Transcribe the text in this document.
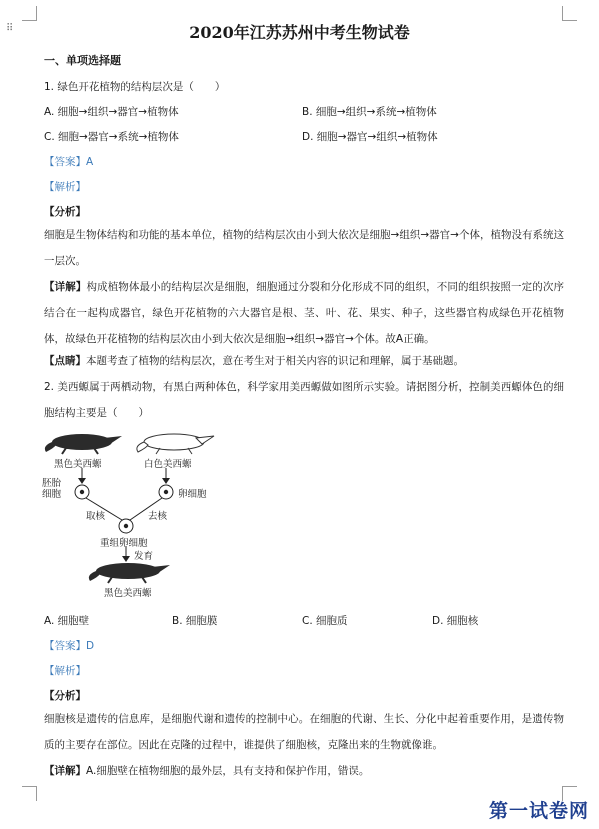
⠿	2020年江苏苏州中考生物试卷
一、单项选择题
1. 绿色开花植物的结构层次是（　　）
A. 细胞→组织→器官→植物体	B. 细胞→组织→系统→植物体
C. 细胞→器官→系统→植物体	D. 细胞→器官→组织→植物体
【答案】A
【解析】
【分析】
细胞是生物体结构和功能的基本单位，植物的结构层次由小到大依次是细胞→组织→器官→个体，植物没有系统这一层次。
【详解】构成植物体最小的结构层次是细胞，细胞通过分裂和分化形成不同的组织，不同的组织按照一定的次序结合在一起构成器官，绿色开花植物的六大器官是根、茎、叶、花、果实、种子，这些器官构成绿色开花植物体，故绿色开花植物的结构层次由小到大依次是细胞→组织→器官→个体。故A正确。
【点睛】本题考查了植物的结构层次，意在考生对于相关内容的识记和理解，属于基础题。
2. 美西螈属于两栖动物，有黑白两种体色，科学家用美西螈做如图所示实验。请据图分析，控制美西螈体色的细胞结构主要是（　　）
黑色美西螈	白色美西螈
胚胎细胞	卵细胞
取核	去核
重组卵细胞
发育
黑色美西螈
A. 细胞壁	B. 细胞膜	C. 细胞质	D. 细胞核
【答案】D
【解析】
【分析】
细胞核是遗传的信息库，是细胞代谢和遗传的控制中心。在细胞的代谢、生长、分化中起着重要作用，是遗传物质的主要存在部位。因此在克隆的过程中，谁提供了细胞核，克隆出来的生物就像谁。
【详解】A.细胞壁在植物细胞的最外层，具有支持和保护作用，错误。
第一试卷网
